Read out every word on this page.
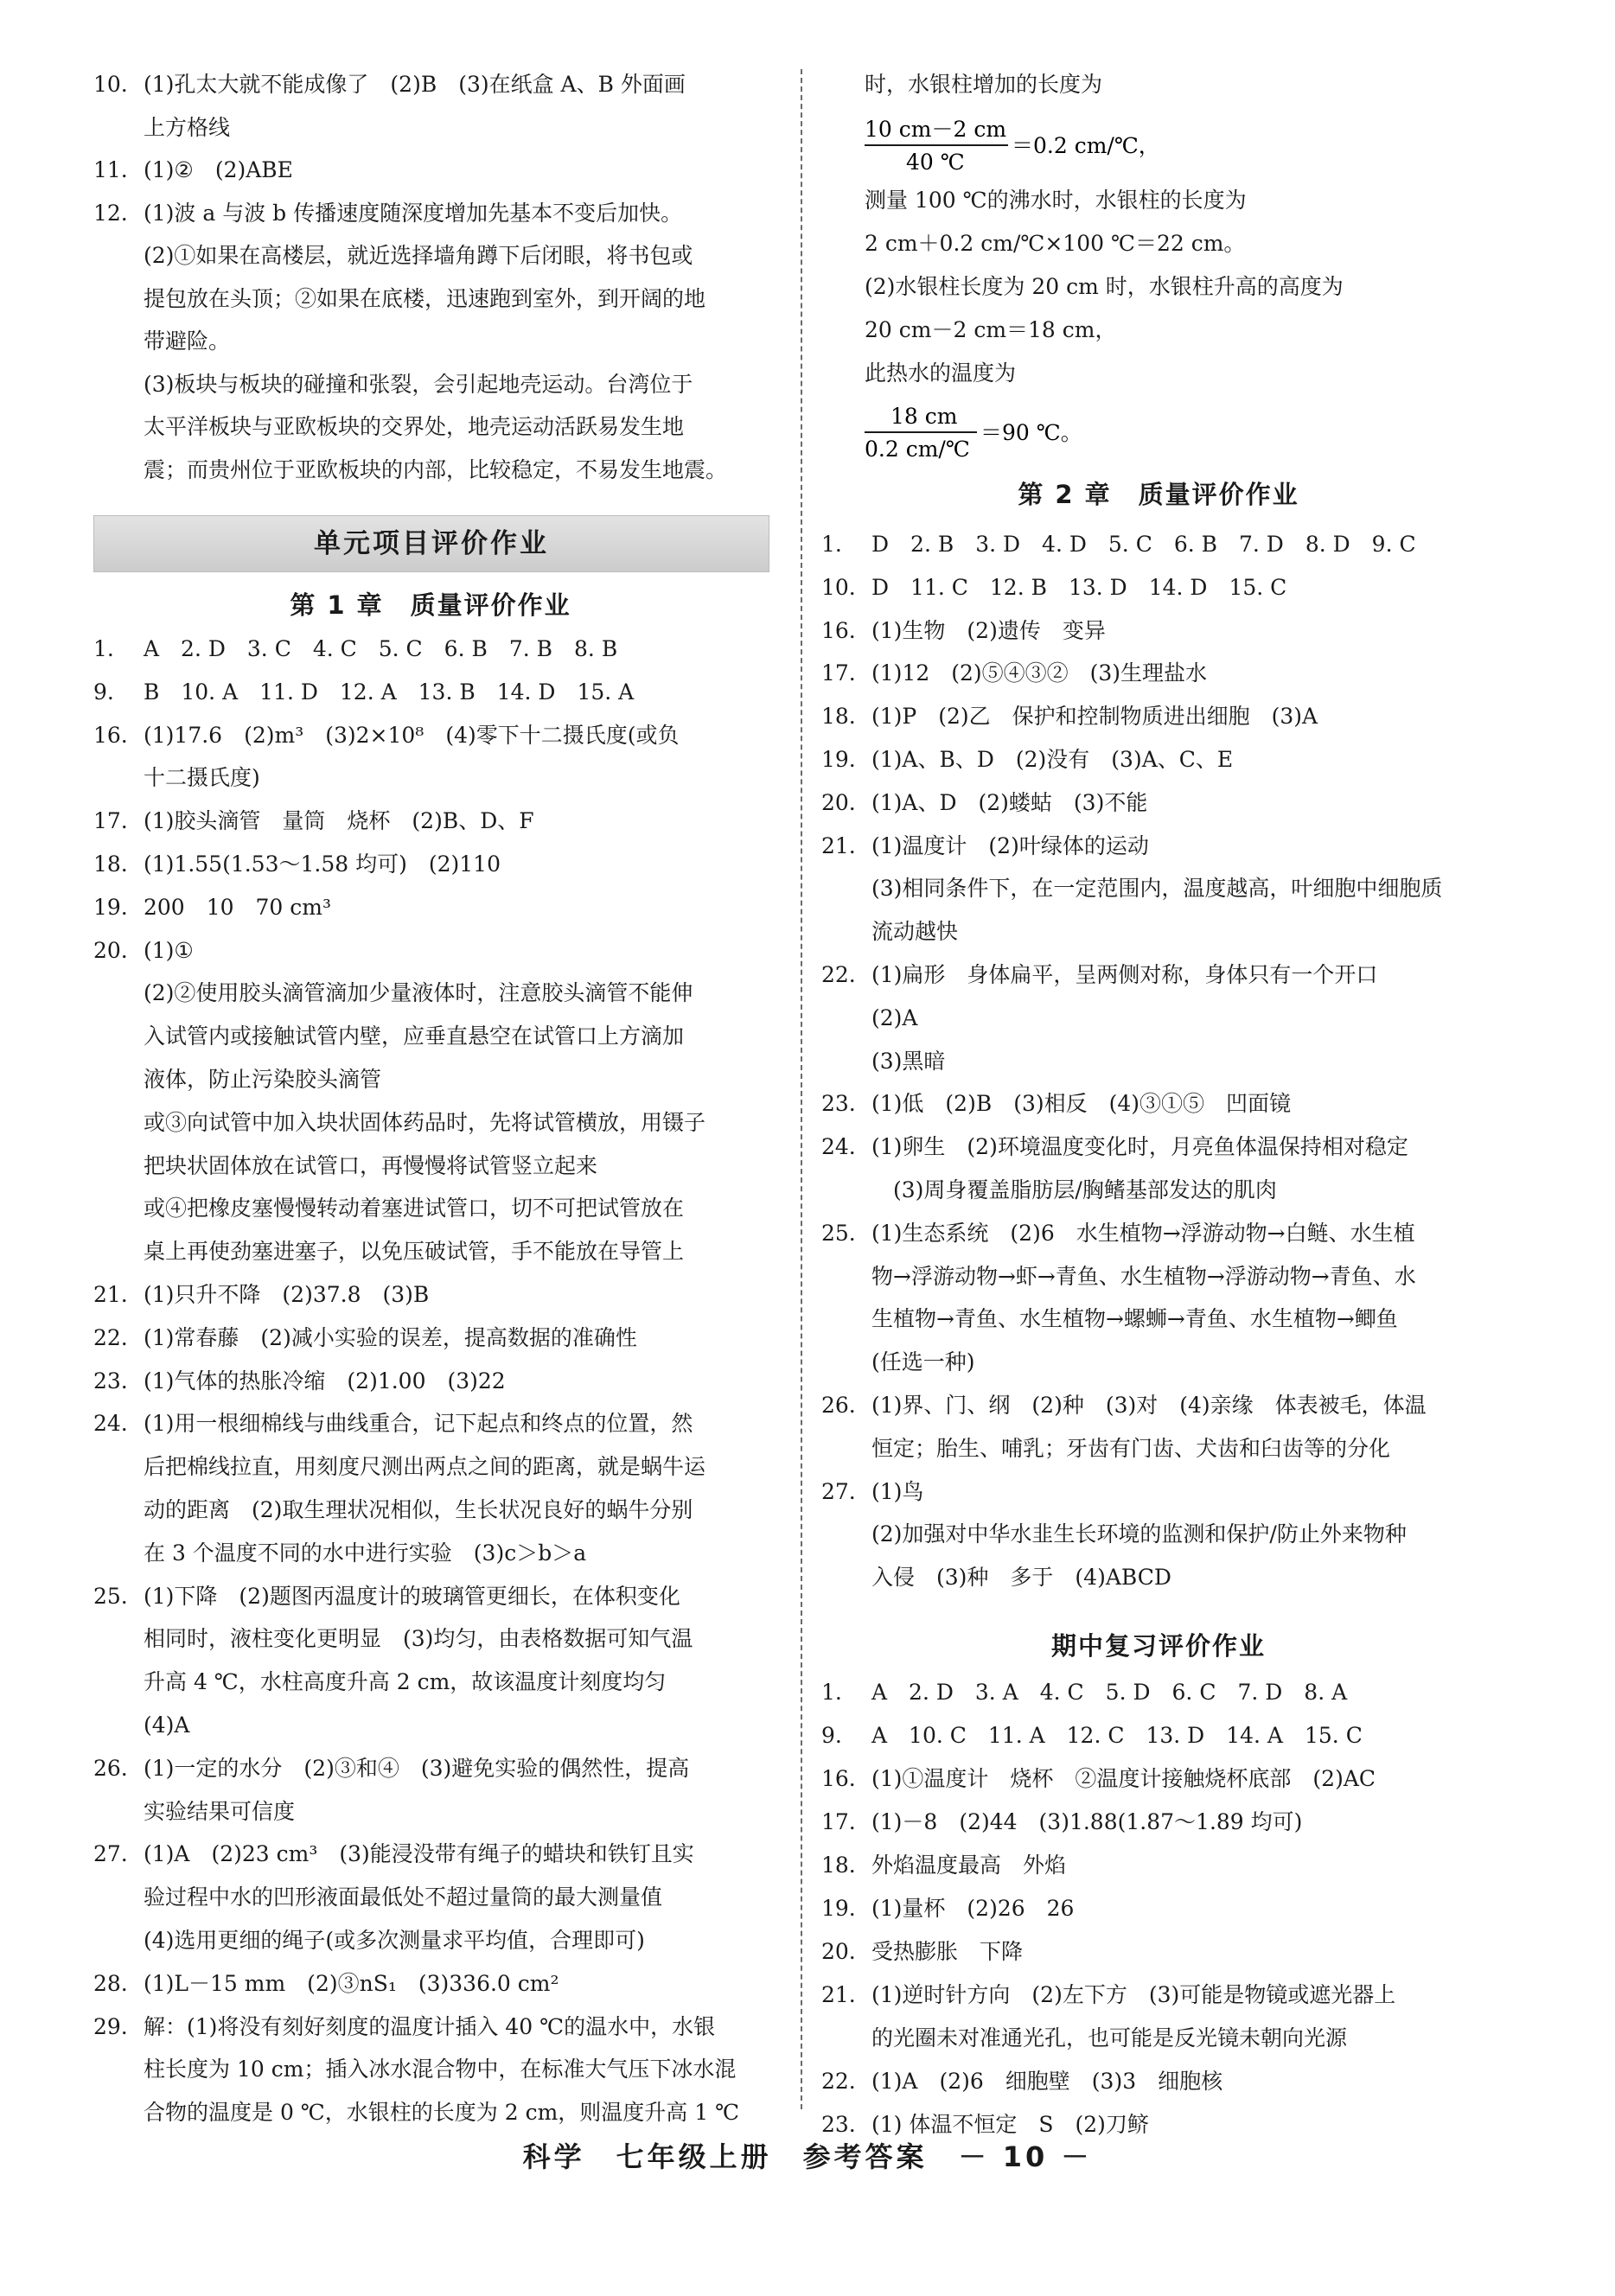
10. (1)孔太大就不能成像了　(2)B　(3)在纸盒 A、B 外面画
上方格线
11. (1)②　(2)ABE
12. (1)波 a 与波 b 传播速度随深度增加先基本不变后加快。
(2)①如果在高楼层，就近选择墙角蹲下后闭眼，将书包或
提包放在头顶；②如果在底楼，迅速跑到室外，到开阔的地
带避险。
(3)板块与板块的碰撞和张裂，会引起地壳运动。台湾位于
太平洋板块与亚欧板块的交界处，地壳运动活跃易发生地
震；而贵州位于亚欧板块的内部，比较稳定，不易发生地震。
单元项目评价作业
第 1 章　质量评价作业
1. A　2. D　3. C　4. C　5. C　6. B　7. B　8. B
9. B　10. A　11. D　12. A　13. B　14. D　15. A
16. (1)17.6　(2)m³　(3)2×10⁸　(4)零下十二摄氏度(或负
十二摄氏度)
17. (1)胶头滴管　量筒　烧杯　(2)B、D、F
18. (1)1.55(1.53～1.58 均可)　(2)110
19. 200　10　70 cm³
20. (1)①
(2)②使用胶头滴管滴加少量液体时，注意胶头滴管不能伸
入试管内或接触试管内壁，应垂直悬空在试管口上方滴加
液体，防止污染胶头滴管
或③向试管中加入块状固体药品时，先将试管横放，用镊子
把块状固体放在试管口，再慢慢将试管竖立起来
或④把橡皮塞慢慢转动着塞进试管口，切不可把试管放在
桌上再使劲塞进塞子，以免压破试管，手不能放在导管上
21. (1)只升不降　(2)37.8　(3)B
22. (1)常春藤　(2)减小实验的误差，提高数据的准确性
23. (1)气体的热胀冷缩　(2)1.00　(3)22
24. (1)用一根细棉线与曲线重合，记下起点和终点的位置，然
后把棉线拉直，用刻度尺测出两点之间的距离，就是蜗牛运
动的距离　(2)取生理状况相似，生长状况良好的蜗牛分别
在 3 个温度不同的水中进行实验　(3)c＞b＞a
25. (1)下降　(2)题图丙温度计的玻璃管更细长，在体积变化
相同时，液柱变化更明显　(3)均匀，由表格数据可知气温
升高 4 ℃，水柱高度升高 2 cm，故该温度计刻度均匀
(4)A
26. (1)一定的水分　(2)③和④　(3)避免实验的偶然性，提高
实验结果可信度
27. (1)A　(2)23 cm³　(3)能浸没带有绳子的蜡块和铁钉且实
验过程中水的凹形液面最低处不超过量筒的最大测量值
(4)选用更细的绳子(或多次测量求平均值，合理即可)
28. (1)L－15 mm　(2)③nS₁　(3)336.0 cm²
29. 解：(1)将没有刻好刻度的温度计插入 40 ℃的温水中，水银
柱长度为 10 cm；插入冰水混合物中，在标准大气压下冰水混
合物的温度是 0 ℃，水银柱的长度为 2 cm，则温度升高 1 ℃
时，水银柱增加的长度为
10 cm－2 cm
40 ℃
＝0.2 cm/℃，
测量 100 ℃的沸水时，水银柱的长度为
2 cm＋0.2 cm/℃×100 ℃＝22 cm。
(2)水银柱长度为 20 cm 时，水银柱升高的高度为
20 cm－2 cm＝18 cm，
此热水的温度为
18 cm
0.2 cm/℃
＝90 ℃。
第 2 章　质量评价作业
1. D　2. B　3. D　4. D　5. C　6. B　7. D　8. D　9. C
10. D　11. C　12. B　13. D　14. D　15. C
16. (1)生物　(2)遗传　变异
17. (1)12　(2)⑤④③②　(3)生理盐水
18. (1)P　(2)乙　保护和控制物质进出细胞　(3)A
19. (1)A、B、D　(2)没有　(3)A、C、E
20. (1)A、D　(2)蝼蛄　(3)不能
21. (1)温度计　(2)叶绿体的运动
(3)相同条件下，在一定范围内，温度越高，叶细胞中细胞质
流动越快
22. (1)扁形　身体扁平，呈两侧对称，身体只有一个开口
(2)A
(3)黑暗
23. (1)低　(2)B　(3)相反　(4)③①⑤　凹面镜
24. (1)卵生　(2)环境温度变化时，月亮鱼体温保持相对稳定
　(3)周身覆盖脂肪层/胸鳍基部发达的肌肉
25. (1)生态系统　(2)6　水生植物→浮游动物→白鲢、水生植
物→浮游动物→虾→青鱼、水生植物→浮游动物→青鱼、水
生植物→青鱼、水生植物→螺蛳→青鱼、水生植物→鲫鱼
(任选一种)
26. (1)界、门、纲　(2)种　(3)对　(4)亲缘　体表被毛，体温
恒定；胎生、哺乳；牙齿有门齿、犬齿和臼齿等的分化
27. (1)鸟
(2)加强对中华水韭生长环境的监测和保护/防止外来物种
入侵　(3)种　多于　(4)ABCD
期中复习评价作业
1. A　2. D　3. A　4. C　5. D　6. C　7. D　8. A
9. A　10. C　11. A　12. C　13. D　14. A　15. C
16. (1)①温度计　烧杯　②温度计接触烧杯底部　(2)AC
17. (1)－8　(2)44　(3)1.88(1.87～1.89 均可)
18. 外焰温度最高　外焰
19. (1)量杯　(2)26　26
20. 受热膨胀　下降
21. (1)逆时针方向　(2)左下方　(3)可能是物镜或遮光器上
的光圈未对准通光孔，也可能是反光镜未朝向光源
22. (1)A　(2)6　细胞壁　(3)3　细胞核
23. (1) 体温不恒定　S　(2)刀鲚
科学　七年级上册　参考答案　－ 10 －
